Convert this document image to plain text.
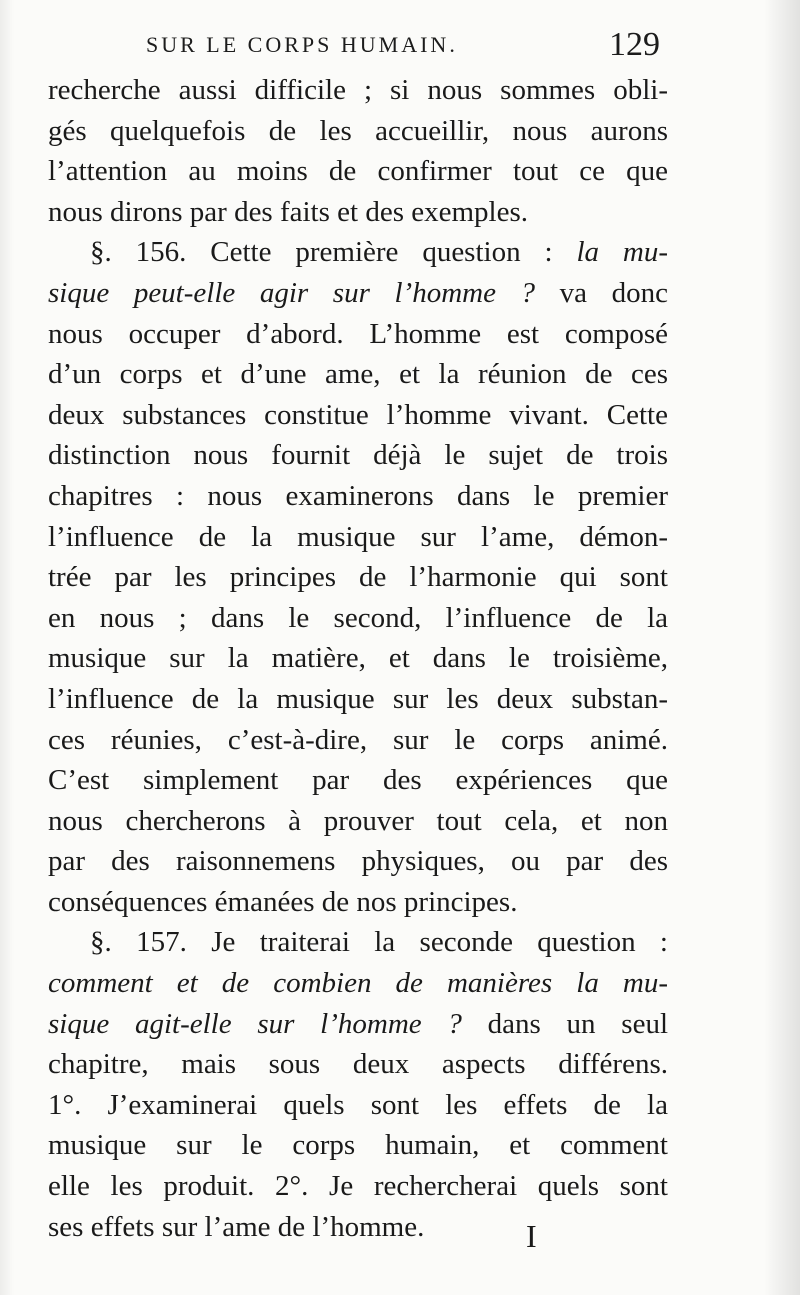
SUR LE CORPS HUMAIN.	129
recherche aussi difficile ; si nous sommes obli-
gés quelquefois de les accueillir, nous aurons
l’attention au moins de confirmer tout ce que
nous dirons par des faits et des exemples.
§. 156. Cette première question : la mu-
sique peut-elle agir sur l’homme ? va donc
nous occuper d’abord. L’homme est composé
d’un corps et d’une ame, et la réunion de ces
deux substances constitue l’homme vivant. Cette
distinction nous fournit déjà le sujet de trois
chapitres : nous examinerons dans le premier
l’influence de la musique sur l’ame, démon-
trée par les principes de l’harmonie qui sont
en nous ; dans le second, l’influence de la
musique sur la matière, et dans le troisième,
l’influence de la musique sur les deux substan-
ces réunies, c’est-à-dire, sur le corps animé.
C’est simplement par des expériences que
nous chercherons à prouver tout cela, et non
par des raisonnemens physiques, ou par des
conséquences émanées de nos principes.
§. 157. Je traiterai la seconde question :
comment et de combien de manières la mu-
sique agit-elle sur l’homme ? dans un seul
chapitre, mais sous deux aspects différens.
1°. J’examinerai quels sont les effets de la
musique sur le corps humain, et comment
elle les produit. 2°. Je rechercherai quels sont
ses effets sur l’ame de l’homme.	I
